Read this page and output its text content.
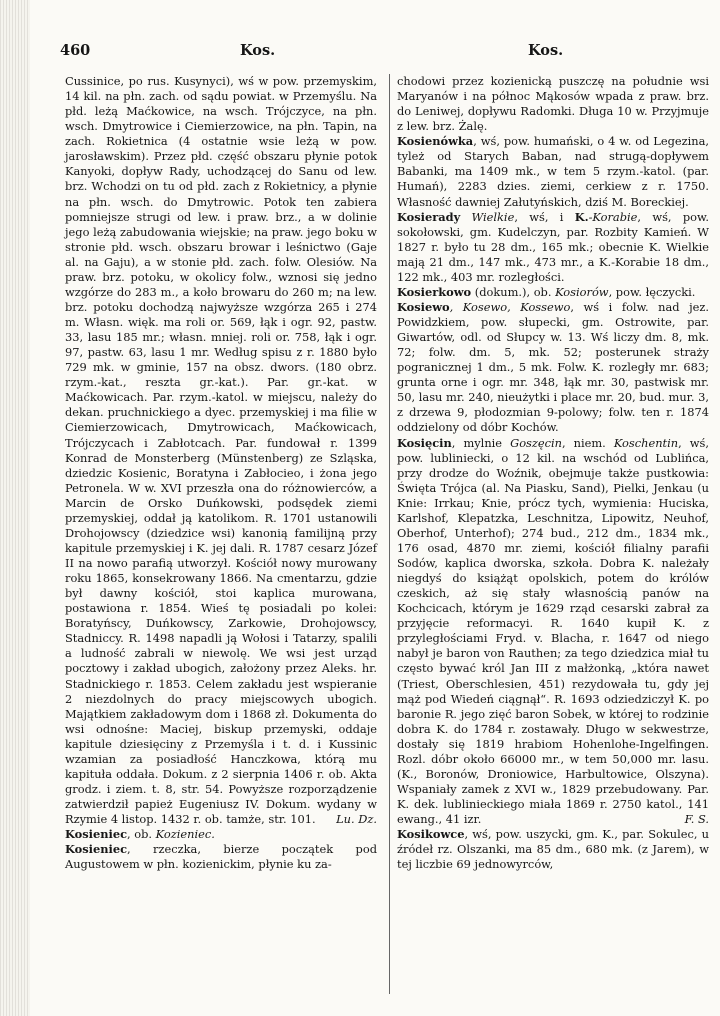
460	Kos.	Kos.

Cussinice, po rus. Kusynyci), wś w pow. przemyskim, 14 kil. na płn. zach. od sądu powiat. w Przemyślu. Na płd. leżą Maćkowice, na wsch. Trójczyce, na płn. wsch. Dmytrowice i Ciemierzowice, na płn. Tapin, na zach. Rokietnica (4 ostatnie wsie leżą w pow. jarosławskim). Przez płd. część obszaru płynie potok Kanyoki, dopływ Rady, uchodzącej do Sanu od lew. brz. Wchodzi on tu od płd. zach z Rokietnicy, a płynie na płn. wsch. do Dmytrowic. Potok ten zabiera pomniejsze strugi od lew. i praw. brz., a w dolinie jego leżą zabudowania wiejskie; na praw. jego boku w stronie płd. wsch. obszaru browar i leśnictwo (Gaje al. na Gaju), a w stonie płd. zach. folw. Olesiów. Na praw. brz. potoku, w okolicy folw., wznosi się jedno wzgórze do 283 m., a koło browaru do 260 m; na lew. brz. potoku dochodzą najwyższe wzgórza 265 i 274 m. Własn. więk. ma roli or. 569, łąk i ogr. 92, pastw. 33, lasu 185 mr.; własn. mniej. roli or. 758, łąk i ogr. 97, pastw. 63, lasu 1 mr. Według spisu z r. 1880 było 729 mk. w gminie, 157 na obsz. dwors. (180 obrz. rzym.-kat., reszta gr.-kat.). Par. gr.-kat. w Maćkowicach. Par. rzym.-katol. w miejscu, należy do dekan. pruchnickiego a dyec. przemyskiej i ma filie w Ciemierzowicach, Dmytrowicach, Maćkowicach, Trójczycach i Zabłotcach. Par. fundował r. 1399 Konrad de Monsterberg (Münstenberg) ze Szląska, dziedzic Kosienic, Boratyna i Zabłocieo, i żona jego Petronela. W w. XVI przeszła ona do różnowierców, a Marcin de Orsko Duńkowski, podsędek ziemi przemyskiej, oddał ją katolikom. R. 1701 ustanowili Drohojowscy (dziedzice wsi) kanonią familijną przy kapitule przemyskiej i K. jej dali. R. 1787 cesarz Józef II na nowo parafią utworzył. Kościół nowy murowany roku 1865, konsekrowany 1866. Na cmentarzu, gdzie był dawny kościół, stoi kaplica murowana, postawiona r. 1854. Wieś tę posiadali po kolei: Boratyńscy, Duńkowscy, Zarkowie, Drohojowscy, Stadniccy. R. 1498 napadli ją Wołosi i Tatarzy, spalili a ludność zabrali w niewolę. We wsi jest urząd pocztowy i zakład ubogich, założony przez Aleks. hr. Stadnickiego r. 1853. Celem zakładu jest wspieranie 2 niezdolnych do pracy miejscowych ubogich. Majątkiem zakładowym dom i 1868 zł. Dokumenta do wsi odnośne: Maciej, biskup przemyski, oddaje kapitule dziesięciny z Przemyśla i t. d. i Kussinic wzamian za posiadłość Hanczkowa, którą mu kapituła oddała. Dokum. z 2 sierpnia 1406 r. ob. Akta grodz. i ziem. t. 8, str. 54. Powyższe rozporządzenie zatwierdził papież Eugeniusz IV. Dokum. wydany w Rzymie 4 listop. 1432 r. ob. tamże, str. 101. Lu. Dz.

Kosieniec, ob. Kozieniec.

Kosieniec, rzeczka, bierze początek pod Augustowem w płn. kozienickim, płynie ku za-

chodowi przez kozienicką puszczę na południe wsi Maryanów i na północ Mąkosów wpada z praw. brz. do Leniwej, dopływu Radomki. Długa 10 w. Przyjmuje z lew. brz. Żalę.

Kosienówka, wś, pow. humański, o 4 w. od Legezina, tyleż od Starych Baban, nad strugą-dopływem Babanki, ma 1409 mk., w tem 5 rzym.-katol. (par. Humań), 2283 dzies. ziemi, cerkiew z r. 1750. Własność dawniej Załutyńskich, dziś M. Boreckiej.

Kosierady Wielkie, wś, i K.-Korabie, wś, pow. sokołowski, gm. Kudelczyn, par. Rozbity Kamień. W 1827 r. było tu 28 dm., 165 mk.; obecnie K. Wielkie mają 21 dm., 147 mk., 473 mr., a K.-Korabie 18 dm., 122 mk., 403 mr. rozległości.

Kosierkowo (dokum.), ob. Kosiorów, pow. łęczycki.

Kosiewo, Kosewo, Kossewo, wś i folw. nad jez. Powidzkiem, pow. słupecki, gm. Ostrowite, par. Giwartów, odl. od Słupcy w. 13. Wś liczy dm. 8, mk. 72; folw. dm. 5, mk. 52; posterunek straży pogranicznej 1 dm., 5 mk. Folw. K. rozległy mr. 683; grunta orne i ogr. mr. 348, łąk mr. 30, pastwisk mr. 50, lasu mr. 240, nieużytki i place mr. 20, bud. mur. 3, z drzewa 9, płodozmian 9-polowy; folw. ten r. 1874 oddzielony od dóbr Kochów.

Kosięcin, mylnie Goszęcin, niem. Koschentin, wś, pow. lubliniecki, o 12 kil. na wschód od Lublińca, przy drodze do Woźnik, obejmuje także pustkowia: Święta Trójca (al. Na Piasku, Sand), Pielki, Jenkau (u Knie: Irrkau; Knie, prócz tych, wymienia: Huciska, Karlshof, Klepatzka, Leschnitza, Lipowitz, Neuhof, Oberhof, Unterhof); 274 bud., 212 dm., 1834 mk., 176 osad, 4870 mr. ziemi, kościół filialny parafii Sodów, kaplica dworska, szkoła. Dobra K. należały niegdyś do książąt opolskich, potem do królów czeskich, aż się stały własnością panów na Kochcicach, którym je 1629 rząd cesarski zabrał za przyjęcie reformacyi. R. 1640 kupił K. z przyległościami Fryd. v. Blacha, r. 1647 od niego nabył je baron von Rauthen; za tego dziedzica miał tu często bywać król Jan III z małżonką, „która nawet (Triest, Oberschlesien, 451) rezydowała tu, gdy jej mąż pod Wiedeń ciągnął“. R. 1693 odziedziczył K. po baronie R. jego zięć baron Sobek, w której to rodzinie dobra K. do 1784 r. zostawały. Długo w sekwestrze, dostały się 1819 hrabiom Hohenlohe-Ingelfingen. Rozl. dóbr około 66000 mr., w tem 50,000 mr. lasu. (K., Boronów, Droniowice, Harbultowice, Olszyna). Wspaniały zamek z XVI w., 1829 przebudowany. Par. K. dek. lublinieckiego miała 1869 r. 2750 katol., 141 ewang., 41 izr.	F. S.

Kosikowce, wś, pow. uszycki, gm. K., par. Sokulec, u źródeł rz. Olszanki, ma 85 dm., 680 mk. (z Jarem), w tej liczbie 69 jednowyrców,
